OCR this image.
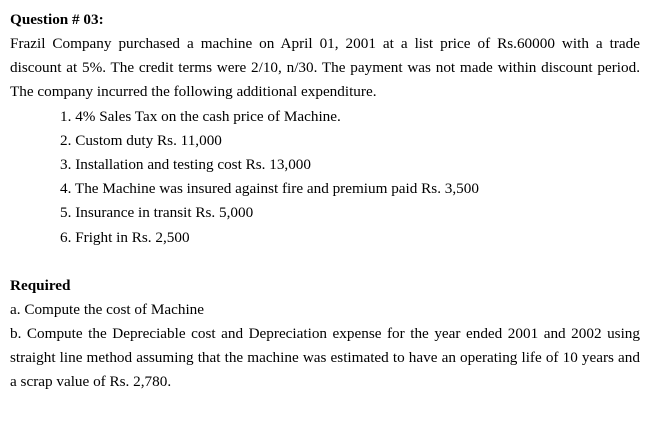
Question # 03:

Frazil Company purchased a machine on April 01, 2001 at a list price of Rs.60000 with a trade discount at 5%. The credit terms were 2/10, n/30. The payment was not made within discount period. The company incurred the following additional expenditure.

1. 4% Sales Tax on the cash price of Machine.
2. Custom duty Rs. 11,000
3. Installation and testing cost Rs. 13,000
4. The Machine was insured against fire and premium paid Rs. 3,500
5. Insurance in transit Rs. 5,000
6. Fright in Rs. 2,500
Required

a. Compute the cost of Machine

b. Compute the Depreciable cost and Depreciation expense for the year ended 2001 and 2002 using straight line method assuming that the machine was estimated to have an operating life of 10 years and a scrap value of Rs. 2,780.
